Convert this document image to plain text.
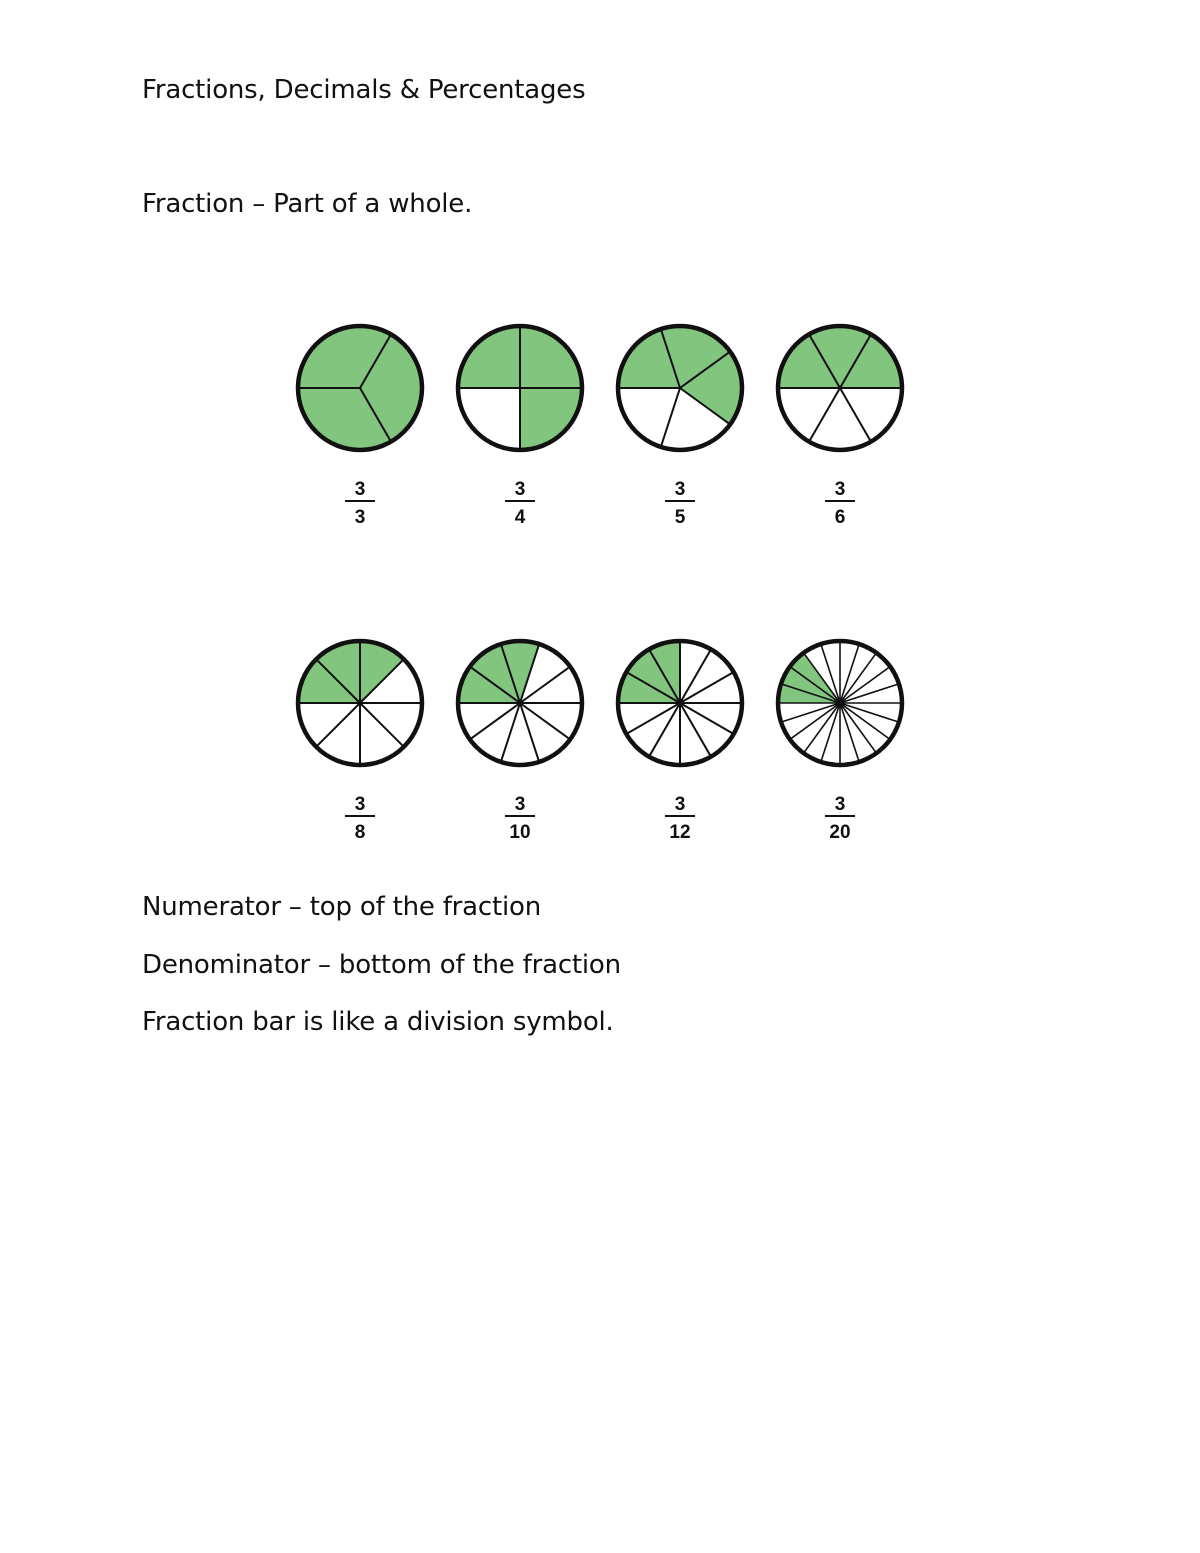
Fractions, Decimals & Percentages
Fraction – Part of a whole.
3
3
3
4
3
5
3
6
3
8
3
10
3
12
3
20
Numerator – top of the fraction
Denominator – bottom of the fraction
Fraction bar is like a division symbol.
